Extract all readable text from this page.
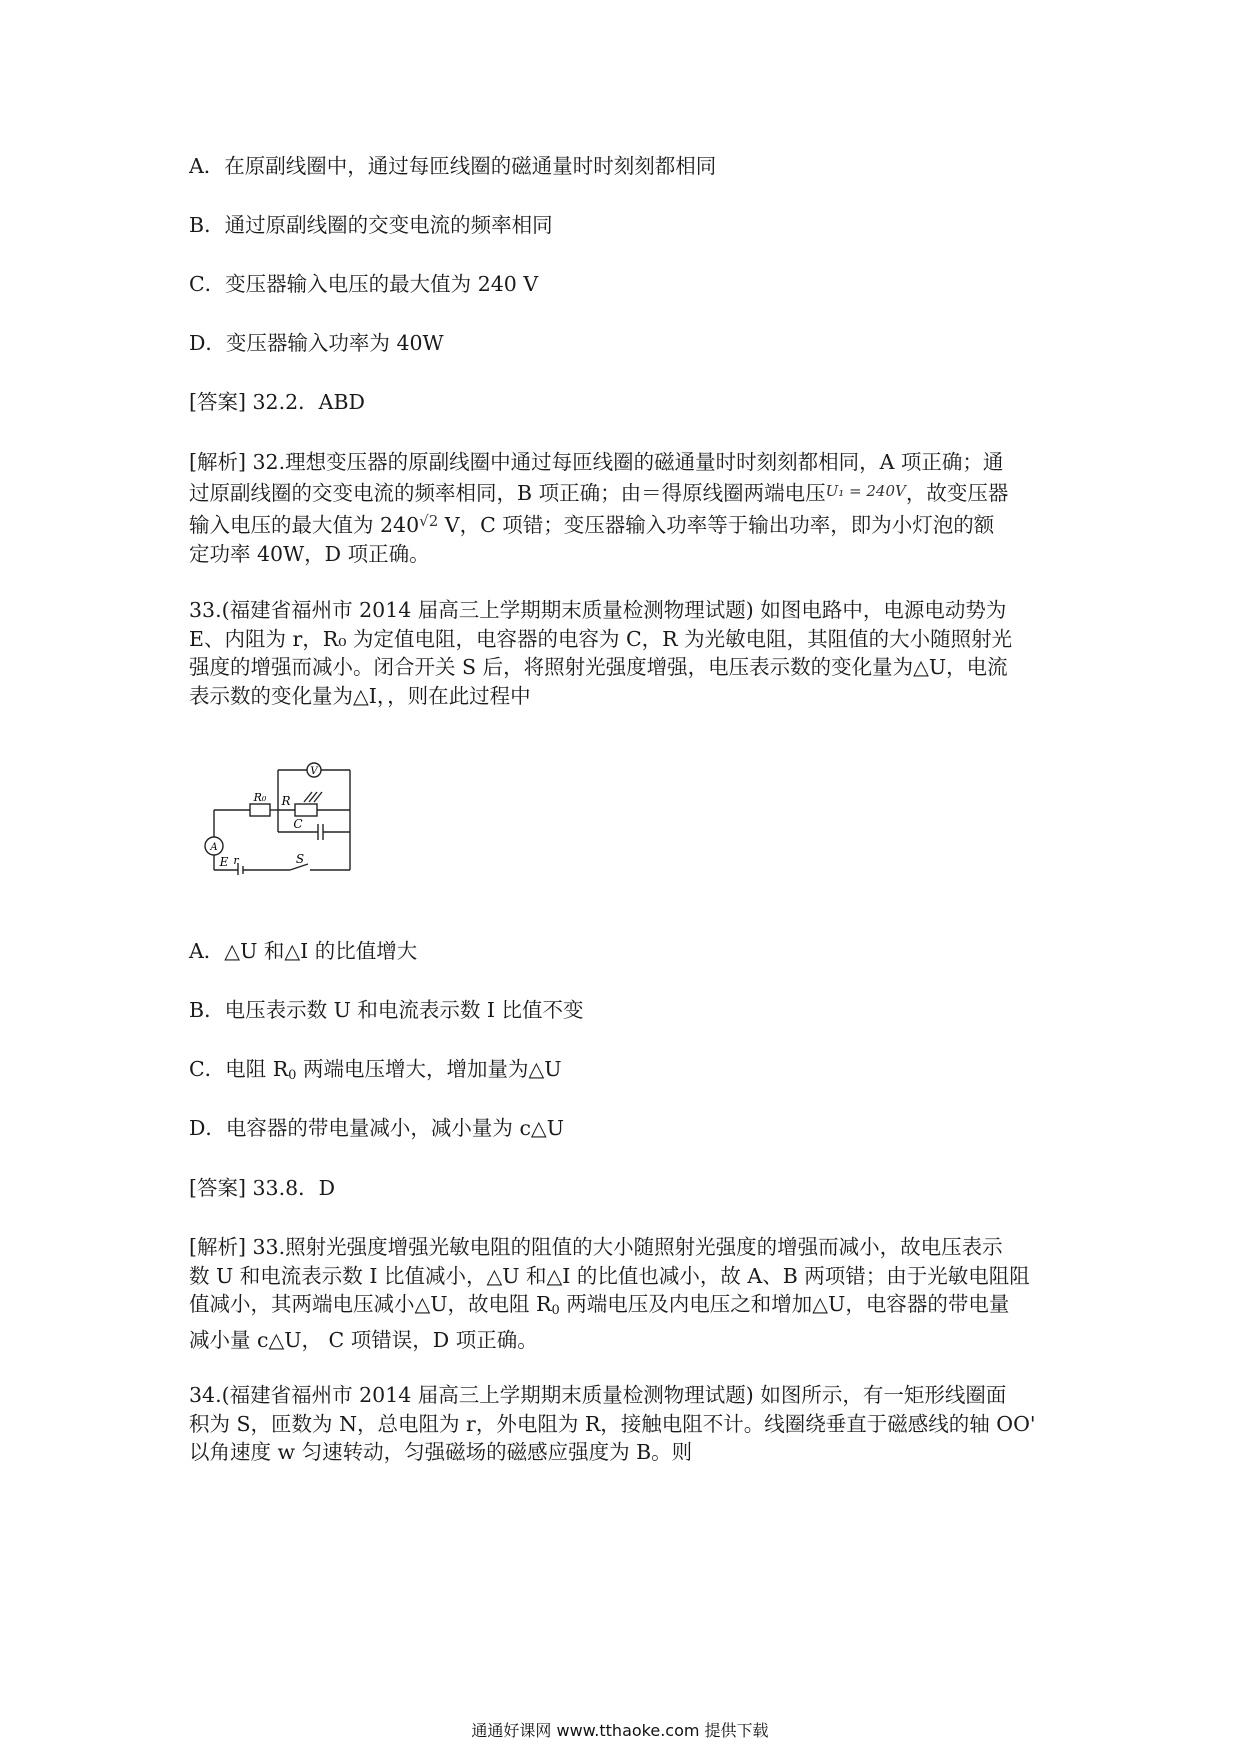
A．在原副线圈中，通过每匝线圈的磁通量时时刻刻都相同
B．通过原副线圈的交变电流的频率相同
C．变压器输入电压的最大值为 240 V
D．变压器输入功率为 40W
[答案] 32.2．ABD
[解析] 32.理想变压器的原副线圈中通过每匝线圈的磁通量时时刻刻都相同，A 项正确；通
过原副线圈的交变电流的频率相同，B 项正确；由＝得原线圈两端电压U₁ = 240V，故变压器
输入电压的最大值为 $240^{√2}$ V，C 项错；变压器输入功率等于输出功率，即为小灯泡的额
定功率 40W，D 项正确。
33.(福建省福州市 2014 届高三上学期期末质量检测物理试题) 如图电路中，电源电动势为
E、内阻为 r，R₀ 为定值电阻，电容器的电容为 C，R 为光敏电阻，其阻值的大小随照射光
强度的增强而减小。闭合开关 S 后，将照射光强度增强，电压表示数的变化量为△U，电流
表示数的变化量为△I，，则在此过程中
V
R₀ R
C
A
E r	S
A．△U 和△I 的比值增大
B．电压表示数 U 和电流表示数 I 比值不变
C．电阻 $R_0$ 两端电压增大，增加量为△U
D．电容器的带电量减小，减小量为 c△U
[答案] 33.8．D
[解析] 33.照射光强度增强光敏电阻的阻值的大小随照射光强度的增强而减小，故电压表示
数 U 和电流表示数 I 比值减小，△U 和△I 的比值也减小，故 A、B 两项错；由于光敏电阻阻
值减小，其两端电压减小△U，故电阻 $R_0$ 两端电压及内电压之和增加△U，电容器的带电量
减小量 c△U， C 项错误，D 项正确。
34.(福建省福州市 2014 届高三上学期期末质量检测物理试题) 如图所示，有一矩形线圈面
积为 S，匝数为 N，总电阻为 r，外电阻为 R，接触电阻不计。线圈绕垂直于磁感线的轴 OO'
以角速度 w 匀速转动，匀强磁场的磁感应强度为 B。则
通通好课网 www.tthaoke.com 提供下载
